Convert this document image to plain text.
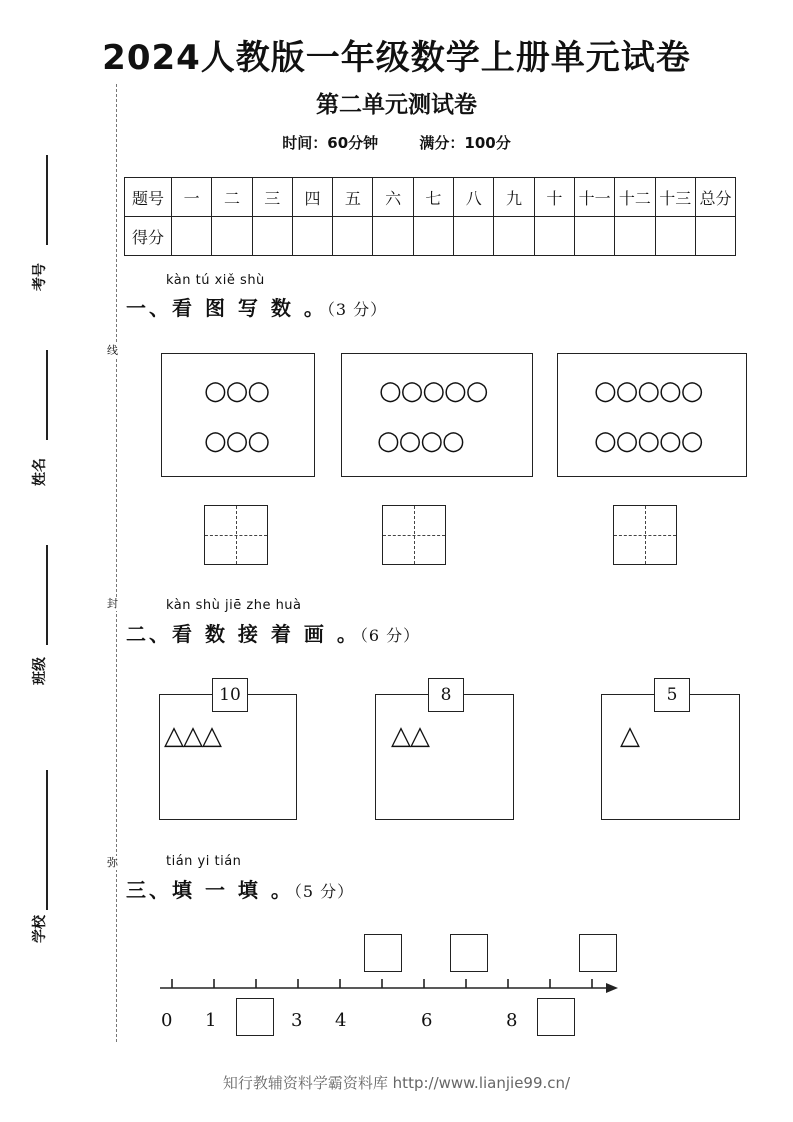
2024人教版一年级数学上册单元试卷
第二单元测试卷
时间：60分钟	满分：100分
线
封
弥
考号
姓名
班级
学校
题号	一	二	三	四	五	六	七	八	九	十	十一	十二	十三	总分
得分														
kàn tú xiě shù
一、看 图 写 数 。（3 分）
○○○
○○○
○○○○○
○○○○
○○○○○
○○○○○
kàn shù jiē zhe huà
二、看 数 接 着 画 。（6 分）
△△△
10
△△
8
△
5
tián yi tián
三、填 一 填 。（5 分）
0 1	3 4	6	8
知行教辅资料学霸资料库 http://www.lianjie99.cn/
